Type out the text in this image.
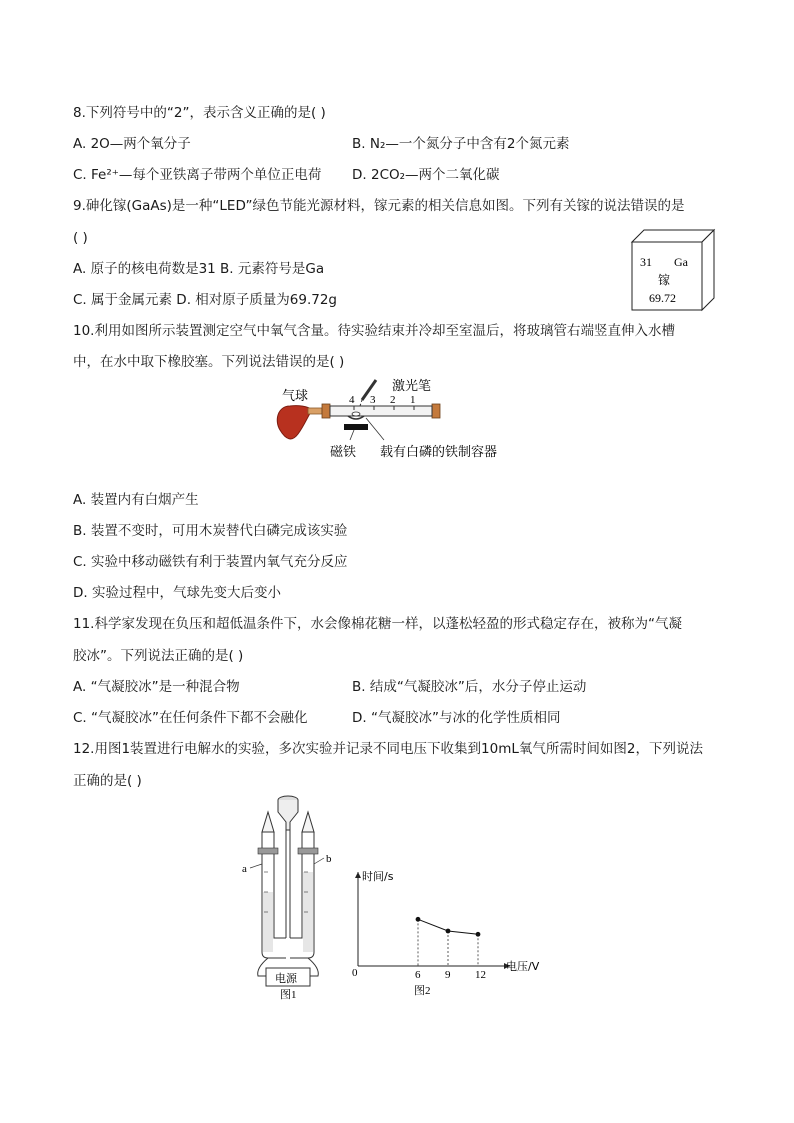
8.下列符号中的“2”，表示含义正确的是( )
A. 2O—两个氧分子	B. N₂—一个氮分子中含有2个氮元素
C. Fe²⁺—每个亚铁离子带两个单位正电荷 D. 2CO₂—两个二氧化碳
9.砷化镓(GaAs)是一种“LED”绿色节能光源材料，镓元素的相关信息如图。下列有关镓的说法错误的是
( )
A. 原子的核电荷数是31 B. 元素符号是Ga
C. 属于金属元素 D. 相对原子质量为69.72g
31 Ga
镓
69.72
10.利用如图所示装置测定空气中氧气含量。待实验结束并冷却至室温后，将玻璃管右端竖直伸入水槽
中，在水中取下橡胶塞。下列说法错误的是( )
4 3 2 1
气球
激光笔
磁铁 载有白磷的铁制容器
A. 装置内有白烟产生
B. 装置不变时，可用木炭替代白磷完成该实验
C. 实验中移动磁铁有利于装置内氧气充分反应
D. 实验过程中，气球先变大后变小
11.科学家发现在负压和超低温条件下，水会像棉花糖一样，以蓬松轻盈的形式稳定存在，被称为“气凝
胶冰”。下列说法正确的是( )
A. “气凝胶冰”是一种混合物	B. 结成“气凝胶冰”后，水分子停止运动
C. “气凝胶冰”在任何条件下都不会融化	D. “气凝胶冰”与冰的化学性质相同
12.用图1装置进行电解水的实验，多次实验并记录不同电压下收集到10mL氧气所需时间如图2，下列说法
正确的是( )
a
b
电源
图1
6 9 12
时间/s
电压/V
0
图2
